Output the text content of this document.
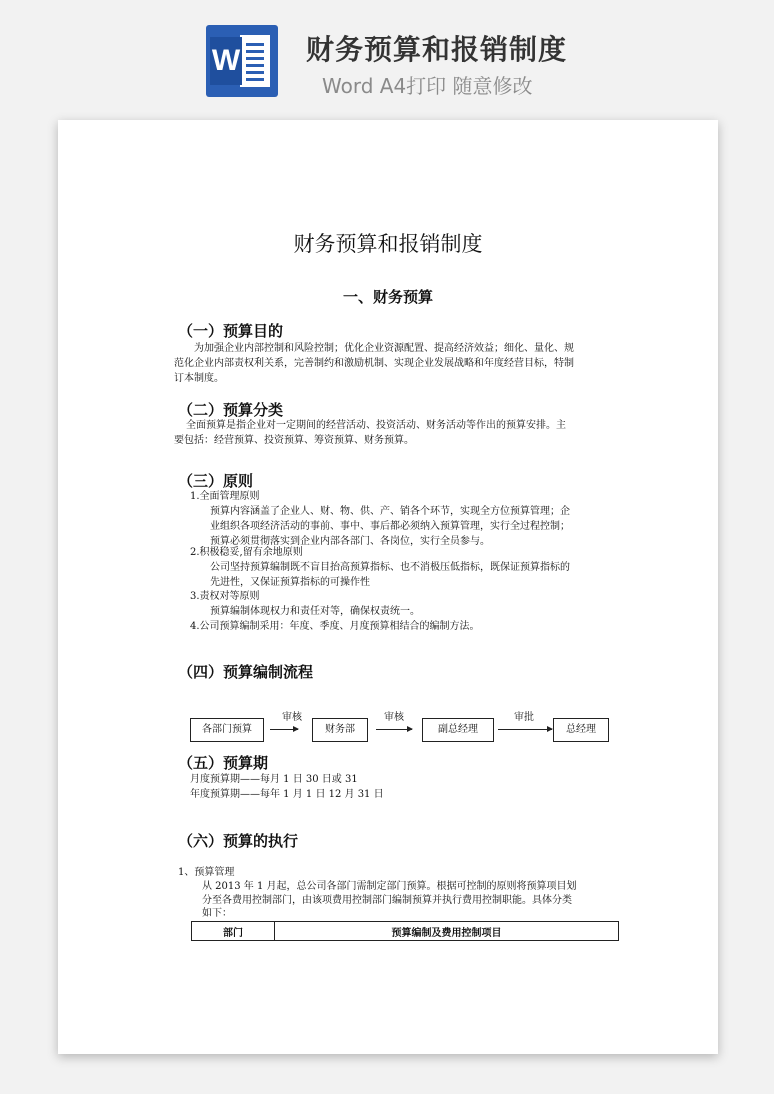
W 财务预算和报销制度
Word A4打印 随意修改
财务预算和报销制度
一、财务预算
（一）预算目的
为加强企业内部控制和风险控制；优化企业资源配置、提高经济效益；细化、量化、规
范化企业内部责权利关系，完善制约和激励机制、实现企业发展战略和年度经营目标，特制
订本制度。
（二）预算分类
全面预算是指企业对一定期间的经营活动、投资活动、财务活动等作出的预算安排。主
要包括：经营预算、投资预算、筹资预算、财务预算。
（三）原则
1.全面管理原则
预算内容涵盖了企业人、财、物、供、产、销各个环节，实现全方位预算管理；企
业组织各项经济活动的事前、事中、事后都必须纳入预算管理，实行全过程控制；
预算必须贯彻落实到企业内部各部门、各岗位，实行全员参与。
2.积极稳妥,留有余地原则
公司坚持预算编制既不盲目抬高预算指标、也不消极压低指标，既保证预算指标的
先进性，又保证预算指标的可操作性
3.责权对等原则
预算编制体现权力和责任对等，确保权责统一。
4.公司预算编制采用：年度、季度、月度预算相结合的编制方法。
（四）预算编制流程
各部门预算
审核
财务部
审核
副总经理
审批
总经理
（五）预算期
月度预算期——每月 1 日 30 日或 31
年度预算期——每年 1 月 1 日 12 月 31 日
（六）预算的执行
1、预算管理
从 2013 年 1 月起，总公司各部门需制定部门预算。根据可控制的原则将预算项目划
分至各费用控制部门，由该项费用控制部门编制预算并执行费用控制职能。具体分类
如下：
部门	预算编制及费用控制项目
